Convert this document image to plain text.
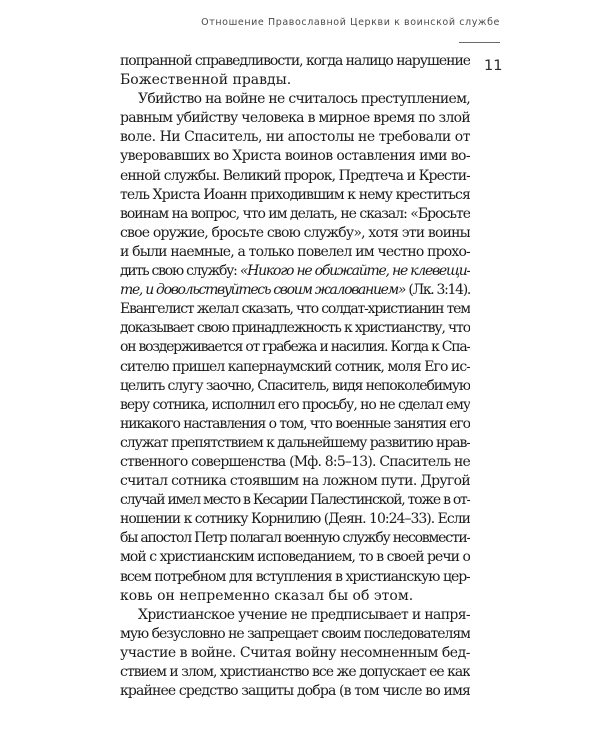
Отношение Православной Церкви к воинской службе
11
попранной справедливости, когда налицо нарушение
Божественной правды.
Убийство на войне не считалось преступлением,
равным убийству человека в мирное время по злой
воле. Ни Спаситель, ни апостолы не требовали от
уверовавших во Христа воинов оставления ими во-
енной службы. Великий пророк, Предтеча и Крести-
тель Христа Иоанн приходившим к нему креститься
воинам на вопрос, что им делать, не сказал: «Бросьте
свое оружие, бросьте свою службу», хотя эти воины
и были наемные, а только повелел им честно прохо-
дить свою службу: «Никого не обижайте, не клевещи-
те, и довольствуйтесь своим жалованием» (Лк. 3:14).
Евангелист желал сказать, что солдат-христианин тем
доказывает свою принадлежность к христианству, что
он воздерживается от грабежа и насилия. Когда к Спа-
сителю пришел капернаумский сотник, моля Его ис-
целить слугу заочно, Спаситель, видя непоколебимую
веру сотника, исполнил его просьбу, но не сделал ему
никакого наставления о том, что военные занятия его
служат препятствием к дальнейшему развитию нрав-
ственного совершенства (Мф. 8:5–13). Спаситель не
считал сотника стоявшим на ложном пути. Другой
случай имел место в Кесарии Палестинской, тоже в от-
ношении к сотнику Корнилию (Деян. 10:24–33). Если
бы апостол Петр полагал военную службу несовмести-
мой с христианским исповеданием, то в своей речи о
всем потребном для вступления в христианскую цер-
ковь он непременно сказал бы об этом.
Христианское учение не предписывает и напря-
мую безусловно не запрещает своим последователям
участие в войне. Считая войну несомненным бед-
ствием и злом, христианство все же допускает ее как
крайнее средство защиты добра (в том числе во имя
